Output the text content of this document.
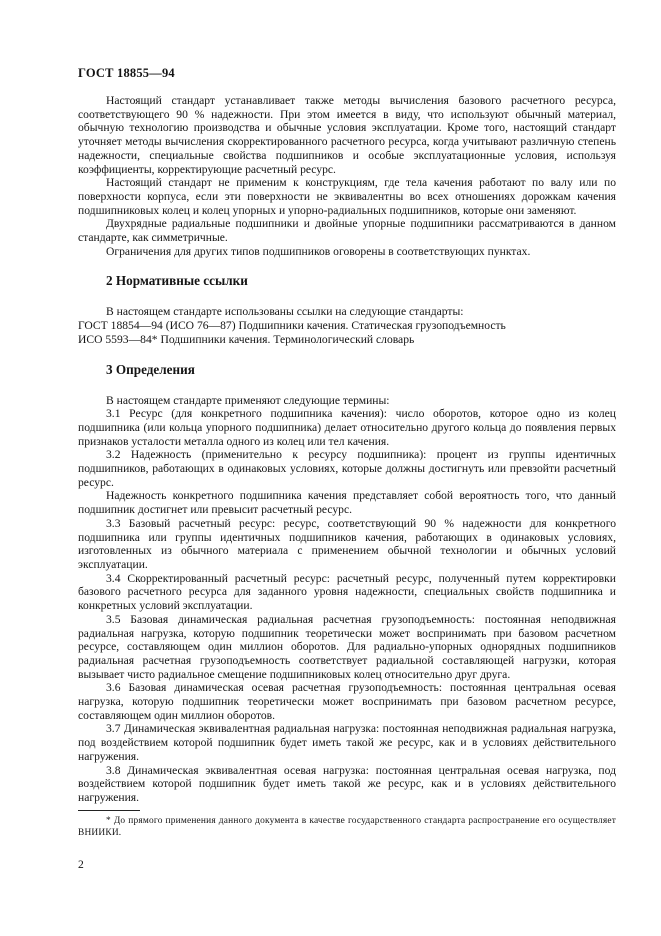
ГОСТ 18855—94

Настоящий стандарт устанавливает также методы вычисления базового расчетного ресурса, соответствующего 90 % надежности. При этом имеется в виду, что используют обычный материал, обычную технологию производства и обычные условия эксплуатации. Кроме того, настоящий стандарт уточняет методы вычисления скорректированного расчетного ресурса, когда учитывают различную степень надежности, специальные свойства подшипников и особые эксплуатационные условия, используя коэффициенты, корректирующие расчетный ресурс.

Настоящий стандарт не применим к конструкциям, где тела качения работают по валу или по поверхности корпуса, если эти поверхности не эквивалентны во всех отношениях дорожкам качения подшипниковых колец и колец упорных и упорно-радиальных подшипников, которые они заменяют.

Двухрядные радиальные подшипники и двойные упорные подшипники рассматриваются в данном стандарте, как симметричные.

Ограничения для других типов подшипников оговорены в соответствующих пунктах.

2 Нормативные ссылки

В настоящем стандарте использованы ссылки на следующие стандарты:

ГОСТ 18854—94 (ИСО 76—87) Подшипники качения. Статическая грузоподъемность

ИСО 5593—84* Подшипники качения. Терминологический словарь

3 Определения

В настоящем стандарте применяют следующие термины:

3.1 Ресурс (для конкретного подшипника качения): число оборотов, которое одно из колец подшипника (или кольца упорного подшипника) делает относительно другого кольца до появления первых признаков усталости металла одного из колец или тел качения.

3.2 Надежность (применительно к ресурсу подшипника): процент из группы идентичных подшипников, работающих в одинаковых условиях, которые должны достигнуть или превзойти расчетный ресурс.

Надежность конкретного подшипника качения представляет собой вероятность того, что данный подшипник достигнет или превысит расчетный ресурс.

3.3 Базовый расчетный ресурс: ресурс, соответствующий 90 % надежности для конкретного подшипника или группы идентичных подшипников качения, работающих в одинаковых условиях, изготовленных из обычного материала с применением обычной технологии и обычных условий эксплуатации.

3.4 Скорректированный расчетный ресурс: расчетный ресурс, полученный путем корректировки базового расчетного ресурса для заданного уровня надежности, специальных свойств подшипника и конкретных условий эксплуатации.

3.5 Базовая динамическая радиальная расчетная грузоподъемность: постоянная неподвижная радиальная нагрузка, которую подшипник теоретически может воспринимать при базовом расчетном ресурсе, составляющем один миллион оборотов. Для радиально-упорных однорядных подшипников радиальная расчетная грузоподъемность соответствует радиальной составляющей нагрузки, которая вызывает чисто радиальное смещение подшипниковых колец относительно друг друга.

3.6 Базовая динамическая осевая расчетная грузоподъемность: постоянная центральная осевая нагрузка, которую подшипник теоретически может воспринимать при базовом расчетном ресурсе, составляющем один миллион оборотов.

3.7 Динамическая эквивалентная радиальная нагрузка: постоянная неподвижная радиальная нагрузка, под воздействием которой подшипник будет иметь такой же ресурс, как и в условиях действительного нагружения.

3.8 Динамическая эквивалентная осевая нагрузка: постоянная центральная осевая нагрузка, под воздействием которой подшипник будет иметь такой же ресурс, как и в условиях действительного нагружения.

* До прямого применения данного документа в качестве государственного стандарта распространение его осуществляет ВНИИКИ.
2
